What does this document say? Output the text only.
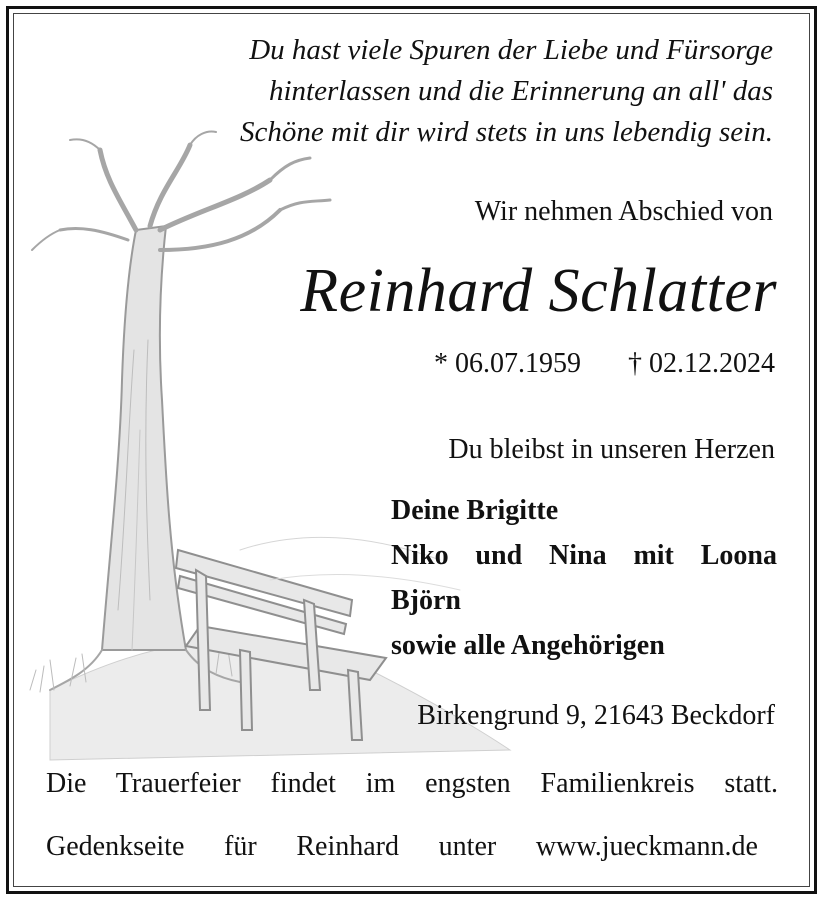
Du hast viele Spuren der Liebe und Fürsorge
hinterlassen und die Erinnerung an all' das
Schöne mit dir wird stets in uns lebendig sein.

Wir nehmen Abschied von
Reinhard Schlatter
* 06.07.1959 † 02.12.2024
Du bleibst in unseren Herzen
Deine Brigitte
Niko und Nina mit Loona
Björn
sowie alle Angehörigen
Birkengrund 9, 21643 Beckdorf
Die Trauerfeier findet im engsten Familienkreis statt.
Gedenkseite für Reinhard unter www.jueckmann.de
